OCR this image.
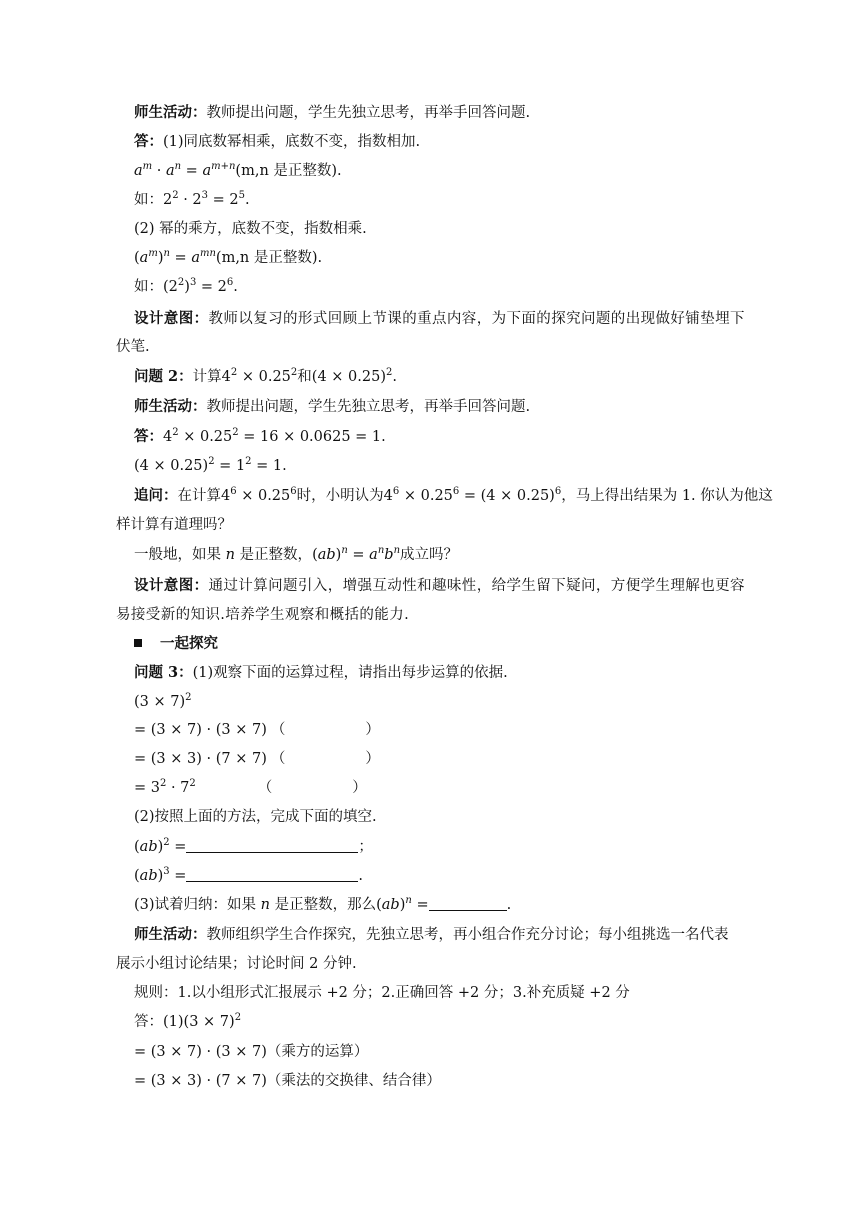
师生活动：教师提出问题，学生先独立思考，再举手回答问题.
答：(1)同底数幂相乘，底数不变，指数相加.
$a^m \cdot a^n = a^{m+n}(m,n$ 是正整数).
如：$2^2 \cdot 2^3 = 2^5$.
(2) 幂的乘方，底数不变，指数相乘.
$(a^m)^n = a^{mn}(m,n$ 是正整数).
如：$(2^2)^3 = 2^6$.
设计意图：教师以复习的形式回顾上节课的重点内容，为下面的探究问题的出现做好铺垫埋下
伏笔.
问题 2：计算$4^2 \times 0.25^2$和$(4 \times 0.25)^2$.
师生活动：教师提出问题，学生先独立思考，再举手回答问题.
答：$4^2 \times 0.25^2 = 16 \times 0.0625 = 1$.
$(4 \times 0.25)^2 = 1^2 = 1$.
追问：在计算$4^6 \times 0.25^6$时，小明认为$4^6 \times 0.25^6 = (4 \times 0.25)^6$，马上得出结果为 1. 你认为他这
样计算有道理吗？
一般地，如果 n 是正整数，$(ab)^n = a^nb^n$成立吗？
设计意图：通过计算问题引入，增强互动性和趣味性，给学生留下疑问，方便学生理解也更容
易接受新的知识.培养学生观察和概括的能力.
一起探究
问题 3：(1)观察下面的运算过程，请指出每步运算的依据.
$(3 \times 7)^2$
= (3 × 7) · (3 × 7) （	）
= (3 × 3) · (7 × 7) （	）
= $3^2 \cdot 7^2$	（	）
(2)按照上面的方法，完成下面的填空.
(ab)$^2$ =	；
(ab)$^3$ =	.
(3)试着归纳：如果 n 是正整数，那么(ab)$^n$ =	.
师生活动：教师组织学生合作探究，先独立思考，再小组合作充分讨论；每小组挑选一名代表
展示小组讨论结果；讨论时间 2 分钟.
规则：1.以小组形式汇报展示 +2 分；2.正确回答 +2 分；3.补充质疑 +2 分
答：$(1)(3 \times 7)^2$
= (3 × 7) · (3 × 7)（乘方的运算）
= (3 × 3) · (7 × 7)（乘法的交换律、结合律）
